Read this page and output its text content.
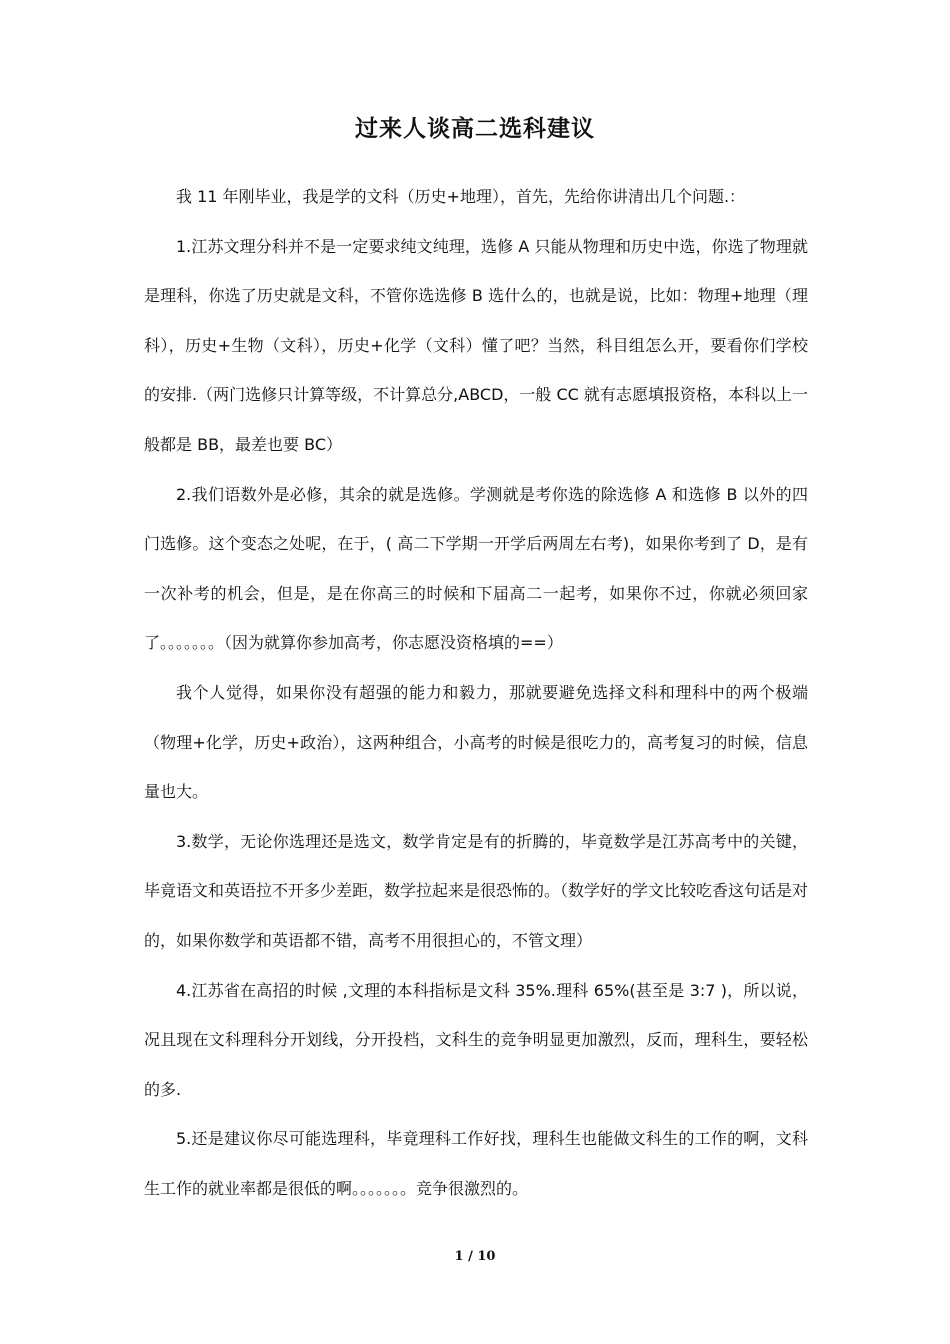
过来人谈高二选科建议

我 11 年刚毕业，我是学的文科（历史+地理），首先，先给你讲清出几个问题.：

1.江苏文理分科并不是一定要求纯文纯理，选修 A 只能从物理和历史中选，你选了物理就是理科，你选了历史就是文科，不管你选选修 B 选什么的，也就是说，比如：物理+地理（理科），历史+生物（文科），历史+化学（文科）懂了吧？当然，科目组怎么开，要看你们学校的安排.（两门选修只计算等级，不计算总分,ABCD，一般 CC 就有志愿填报资格，本科以上一般都是 BB，最差也要 BC）

2.我们语数外是必修，其余的就是选修。学测就是考你选的除选修 A 和选修 B 以外的四门选修。这个变态之处呢，在于，( 高二下学期一开学后两周左右考)，如果你考到了 D，是有一次补考的机会，但是，是在你高三的时候和下届高二一起考，如果你不过，你就必须回家了。。。。。。。（因为就算你参加高考，你志愿没资格填的==）

我个人觉得，如果你没有超强的能力和毅力，那就要避免选择文科和理科中的两个极端（物理+化学，历史+政治），这两种组合，小高考的时候是很吃力的，高考复习的时候，信息量也大。

3.数学，无论你选理还是选文，数学肯定是有的折腾的，毕竟数学是江苏高考中的关键，毕竟语文和英语拉不开多少差距，数学拉起来是很恐怖的。（数学好的学文比较吃香这句话是对的，如果你数学和英语都不错，高考不用很担心的，不管文理）

4.江苏省在高招的时候 ,文理的本科指标是文科 35%.理科 65%(甚至是 3:7 )，所以说，况且现在文科理科分开划线，分开投档，文科生的竞争明显更加激烈，反而，理科生，要轻松的多.

5.还是建议你尽可能选理科，毕竟理科工作好找，理科生也能做文科生的工作的啊，文科生工作的就业率都是很低的啊。。。。。。。竞争很激烈的。

1 / 10
